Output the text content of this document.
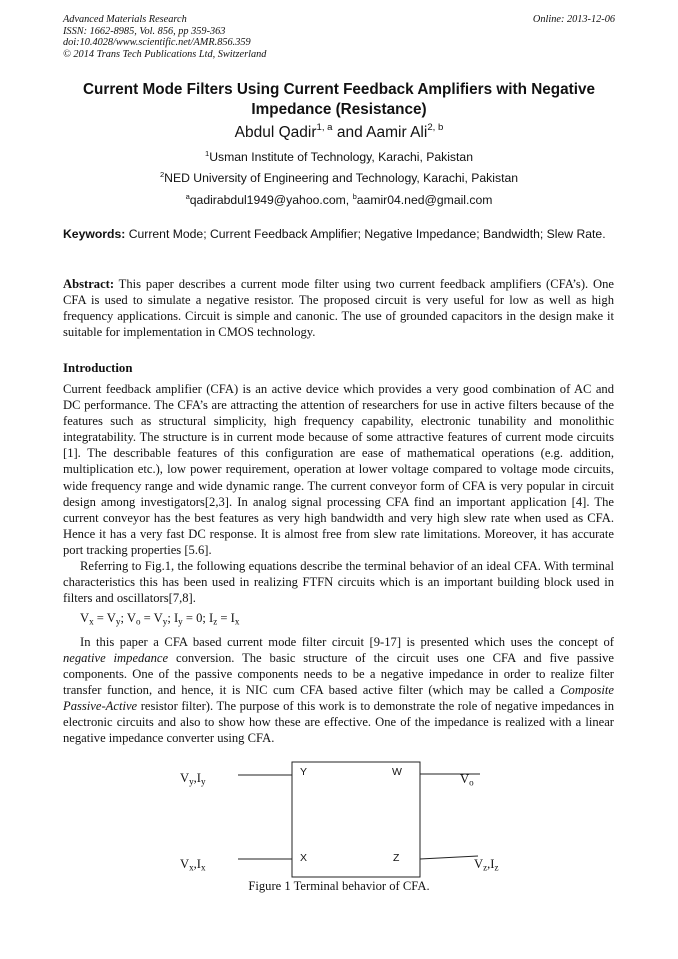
Advanced Materials Research
ISSN: 1662-8985, Vol. 856, pp 359-363
doi:10.4028/www.scientific.net/AMR.856.359
© 2014 Trans Tech Publications Ltd, Switzerland
Online: 2013-12-06
Current Mode Filters Using Current Feedback Amplifiers with Negative
Impedance (Resistance)
Abdul Qadir$^{1, a}$ and Aamir Ali$^{2, b}$
$^1$Usman Institute of Technology, Karachi, Pakistan
$^2$NED University of Engineering and Technology, Karachi, Pakistan
$^a$qadirabdul1949@yahoo.com, $^b$aamir04.ned@gmail.com
Keywords: Current Mode; Current Feedback Amplifier; Negative Impedance; Bandwidth; Slew Rate.
Abstract: This paper describes a current mode filter using two current feedback amplifiers (CFA’s). One CFA is used to simulate a negative resistor. The proposed circuit is very useful for low as well as high frequency applications. Circuit is simple and canonic. The use of grounded capacitors in the design make it suitable for implementation in CMOS technology.
Introduction

Current feedback amplifier (CFA) is an active device which provides a very good combination of AC and DC performance. The CFA’s are attracting the attention of researchers for use in active filters because of the features such as structural simplicity, high frequency capability, electronic tunability and monolithic integratability. The structure is in current mode because of some attractive features of current mode circuits [1]. The describable features of this configuration are ease of mathematical operations (e.g. addition, multiplication etc.), low power requirement, operation at lower voltage compared to voltage mode circuits, wide frequency range and wide dynamic range. The current conveyor form of CFA is very popular in circuit design among investigators[2,3]. In analog signal processing CFA find an important application [4]. The current conveyor has the best features as very high bandwidth and very high slew rate when used as CFA. Hence it has a very fast DC response. It is almost free from slew rate limitations. Moreover, it has accurate port tracking properties [5.6].

Referring to Fig.1, the following equations describe the terminal behavior of an ideal CFA. With terminal characteristics this has been used in realizing FTFN circuits which is an important building block used in filters and oscillators[7,8].

$V_x = V_y$; $V_o = V_y$; $I_y = 0$; $I_z = I_x$

In this paper a CFA based current mode filter circuit [9-17] is presented which uses the concept of negative impedance conversion. The basic structure of the circuit uses one CFA and five passive components. One of the passive components needs to be a negative impedance in order to realize filter transfer function, and hence, it is NIC cum CFA based active filter (which may be called a Composite Passive-Active resistor filter). The purpose of this work is to demonstrate the role of negative impedances in electronic circuits and also to show how these are effective. One of the impedance is realized with a linear negative impedance converter using CFA.

$V_y,I_y$
$V_x,I_x$
$V_o$
$V_z,I_z$
Y	W
X	Z
Figure 1 Terminal behavior of CFA.
